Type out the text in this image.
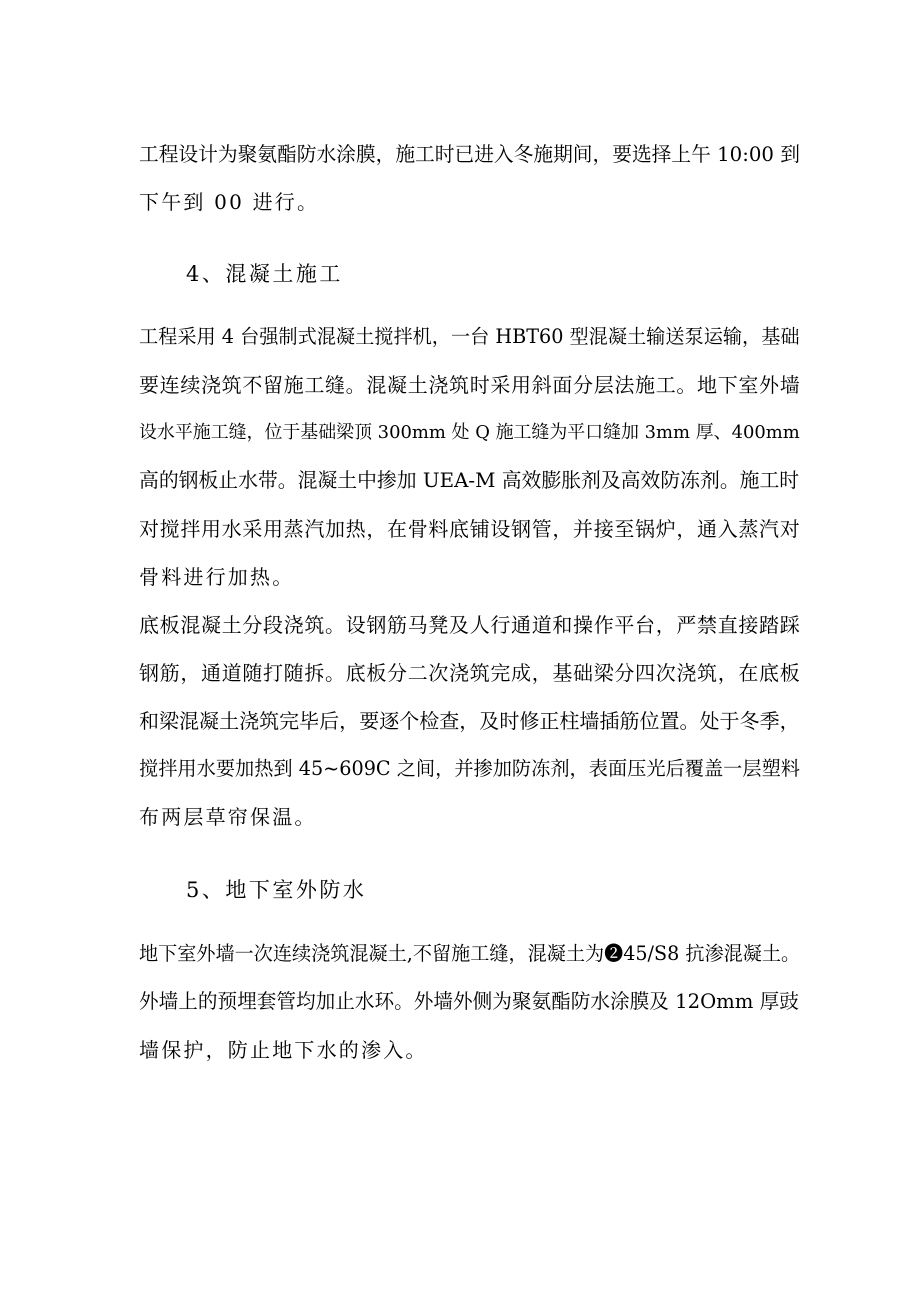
工程设计为聚氨酯防水涂膜，施工时已进入冬施期间，要选择上午 10:00 到
下午到 00 进行。
4、混凝土施工
工程采用 4 台强制式混凝土搅拌机，一台 HBT60 型混凝土输送泵运输，基础
要连续浇筑不留施工缝。混凝土浇筑时采用斜面分层法施工。地下室外墙
设水平施工缝，位于基础梁顶 300mm 处 Q 施工缝为平口缝加 3mm 厚、400mm
高的钢板止水带。混凝土中掺加 UEA-M 高效膨胀剂及高效防冻剂。施工时
对搅拌用水采用蒸汽加热，在骨料底铺设钢管，并接至锅炉，通入蒸汽对
骨料进行加热。
底板混凝土分段浇筑。设钢筋马凳及人行通道和操作平台，严禁直接踏踩
钢筋，通道随打随拆。底板分二次浇筑完成，基础梁分四次浇筑，在底板
和梁混凝土浇筑完毕后，要逐个检查，及时修正柱墙插筋位置。处于冬季，
搅拌用水要加热到 45~609C 之间，并掺加防冻剂，表面压光后覆盖一层塑料
布两层草帘保温。
5、地下室外防水
地下室外墙一次连续浇筑混凝土,不留施工缝，混凝土为❷45/S8 抗渗混凝土。
外墙上的预埋套管均加止水环。外墙外侧为聚氨酯防水涂膜及 12Omm 厚豉
墙保护，防止地下水的渗入。
